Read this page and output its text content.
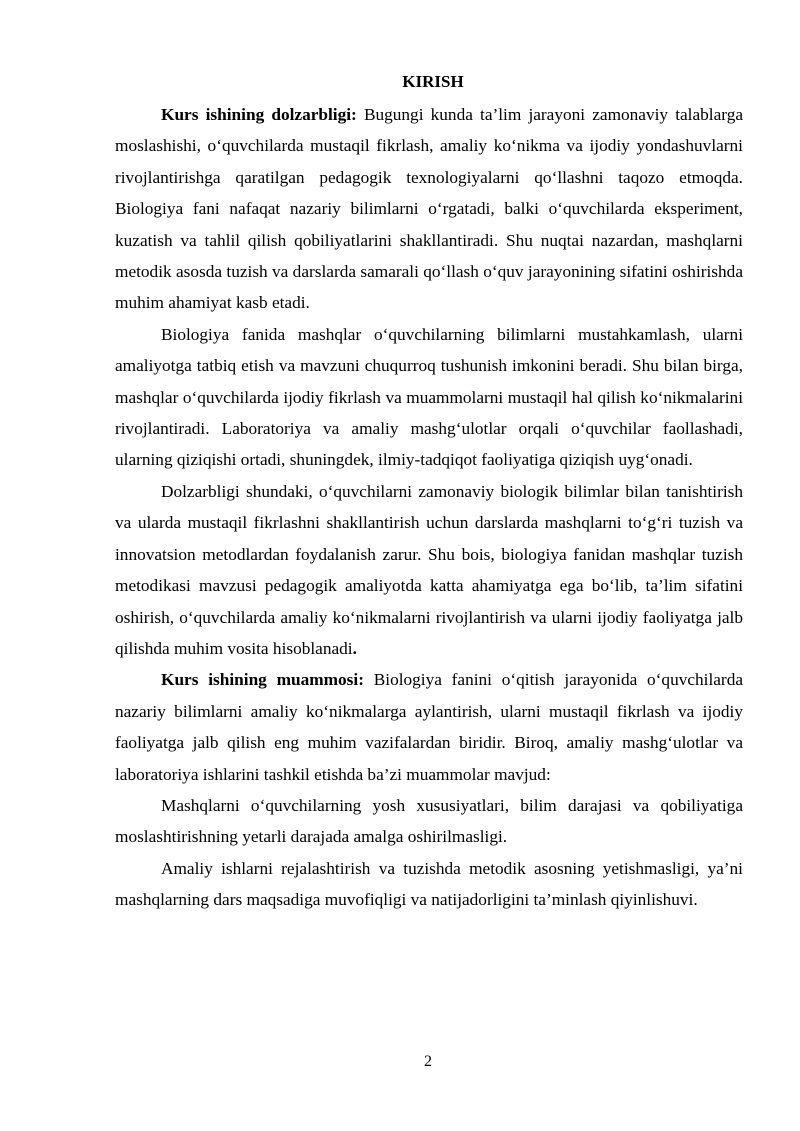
KIRISH

Kurs ishining dolzarbligi: Bugungi kunda ta’lim jarayoni zamonaviy talablarga moslashishi, o‘quvchilarda mustaqil fikrlash, amaliy ko‘nikma va ijodiy yondashuvlarni rivojlantirishga qaratilgan pedagogik texnologiyalarni qo‘llashni taqozo etmoqda. Biologiya fani nafaqat nazariy bilimlarni o‘rgatadi, balki o‘quvchilarda eksperiment, kuzatish va tahlil qilish qobiliyatlarini shakllantiradi. Shu nuqtai nazardan, mashqlarni metodik asosda tuzish va darslarda samarali qo‘llash o‘quv jarayonining sifatini oshirishda muhim ahamiyat kasb etadi.

Biologiya fanida mashqlar o‘quvchilarning bilimlarni mustahkamlash, ularni amaliyotga tatbiq etish va mavzuni chuqurroq tushunish imkonini beradi. Shu bilan birga, mashqlar o‘quvchilarda ijodiy fikrlash va muammolarni mustaqil hal qilish ko‘nikmalarini rivojlantiradi. Laboratoriya va amaliy mashg‘ulotlar orqali o‘quvchilar faollashadi, ularning qiziqishi ortadi, shuningdek, ilmiy-tadqiqot faoliyatiga qiziqish uyg‘onadi.

Dolzarbligi shundaki, o‘quvchilarni zamonaviy biologik bilimlar bilan tanishtirish va ularda mustaqil fikrlashni shakllantirish uchun darslarda mashqlarni to‘g‘ri tuzish va innovatsion metodlardan foydalanish zarur. Shu bois, biologiya fanidan mashqlar tuzish metodikasi mavzusi pedagogik amaliyotda katta ahamiyatga ega bo‘lib, ta’lim sifatini oshirish, o‘quvchilarda amaliy ko‘nikmalarni rivojlantirish va ularni ijodiy faoliyatga jalb qilishda muhim vosita hisoblanadi.

Kurs ishining muammosi: Biologiya fanini o‘qitish jarayonida o‘quvchilarda nazariy bilimlarni amaliy ko‘nikmalarga aylantirish, ularni mustaqil fikrlash va ijodiy faoliyatga jalb qilish eng muhim vazifalardan biridir. Biroq, amaliy mashg‘ulotlar va laboratoriya ishlarini tashkil etishda ba’zi muammolar mavjud:

Mashqlarni o‘quvchilarning yosh xususiyatlari, bilim darajasi va qobiliyatiga moslashtirishning yetarli darajada amalga oshirilmasligi.

Amaliy ishlarni rejalashtirish va tuzishda metodik asosning yetishmasligi, ya’ni mashqlarning dars maqsadiga muvofiqligi va natijadorligini ta’minlash qiyinlishuvi.

2
